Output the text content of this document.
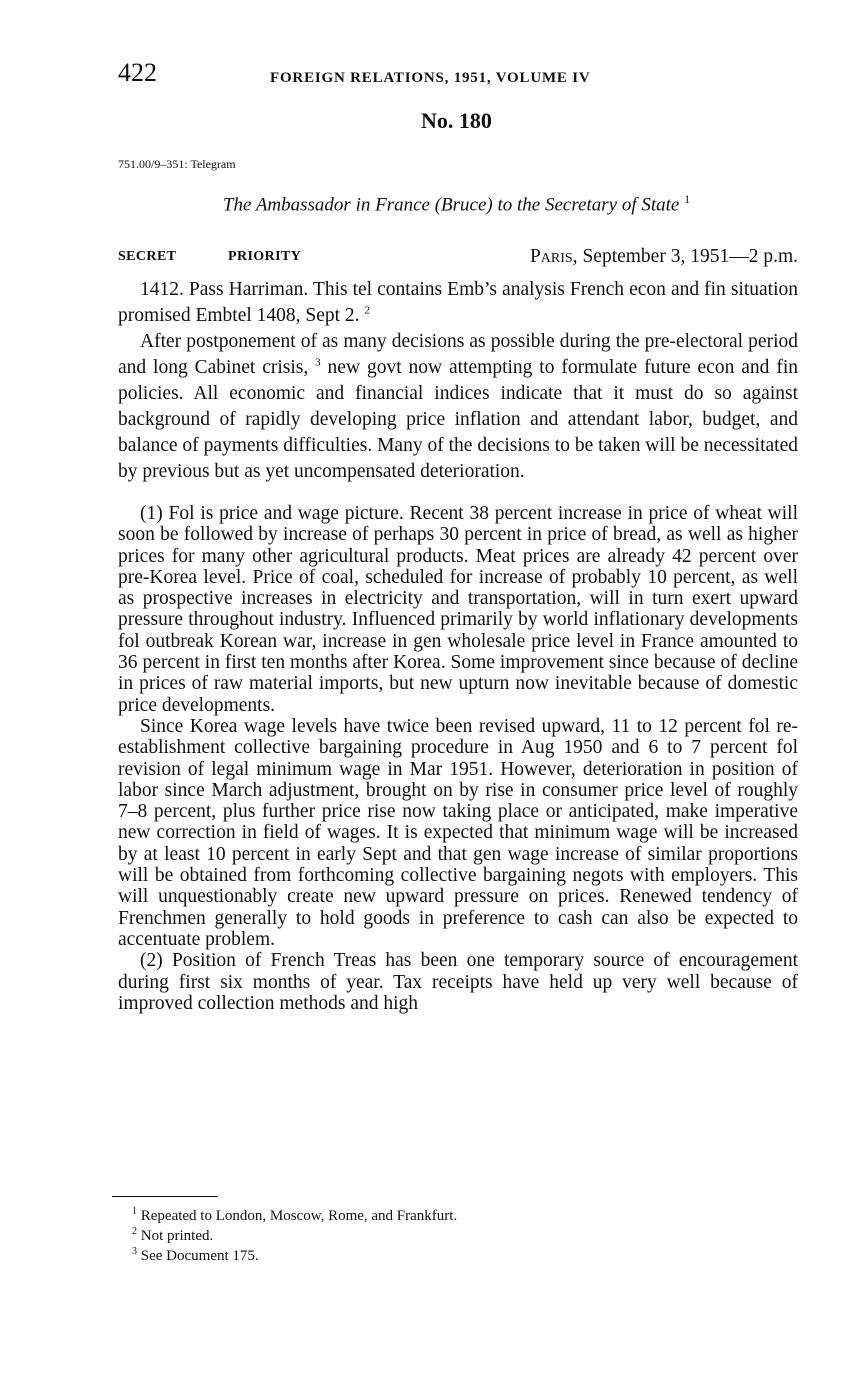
422	FOREIGN RELATIONS, 1951, VOLUME IV
No. 180
751.00/9–351: Telegram
The Ambassador in France (Bruce) to the Secretary of State $^1$
SECRET	PRIORITY	Paris, September 3, 1951—2 p.m.

1412. Pass Harriman. This tel contains Emb’s analysis French econ and fin situation promised Embtel 1408, Sept 2. $^2$

After postponement of as many decisions as possible during the pre-electoral period and long Cabinet crisis, $^3$ new govt now attempting to formulate future econ and fin policies. All economic and financial indices indicate that it must do so against background of rapidly developing price inflation and attendant labor, budget, and balance of payments difficulties. Many of the decisions to be taken will be necessitated by previous but as yet uncompensated deterioration.

(1) Fol is price and wage picture. Recent 38 percent increase in price of wheat will soon be followed by increase of perhaps 30 percent in price of bread, as well as higher prices for many other agricultural products. Meat prices are already 42 percent over pre-Korea level. Price of coal, scheduled for increase of probably 10 percent, as well as prospective increases in electricity and transportation, will in turn exert upward pressure throughout industry. Influenced primarily by world inflationary developments fol outbreak Korean war, increase in gen wholesale price level in France amounted to 36 percent in first ten months after Korea. Some improvement since because of decline in prices of raw material imports, but new upturn now inevitable because of domestic price developments.

Since Korea wage levels have twice been revised upward, 11 to 12 percent fol re-establishment collective bargaining procedure in Aug 1950 and 6 to 7 percent fol revision of legal minimum wage in Mar 1951. However, deterioration in position of labor since March adjustment, brought on by rise in consumer price level of roughly 7–8 percent, plus further price rise now taking place or anticipated, make imperative new correction in field of wages. It is expected that minimum wage will be increased by at least 10 percent in early Sept and that gen wage increase of similar proportions will be obtained from forthcoming collective bargaining negots with employers. This will unquestionably create new upward pressure on prices. Renewed tendency of Frenchmen generally to hold goods in preference to cash can also be expected to accentuate problem.

(2) Position of French Treas has been one temporary source of encouragement during first six months of year. Tax receipts have held up very well because of improved collection methods and high

$^1$ Repeated to London, Moscow, Rome, and Frankfurt.
$^2$ Not printed.
$^3$ See Document 175.
